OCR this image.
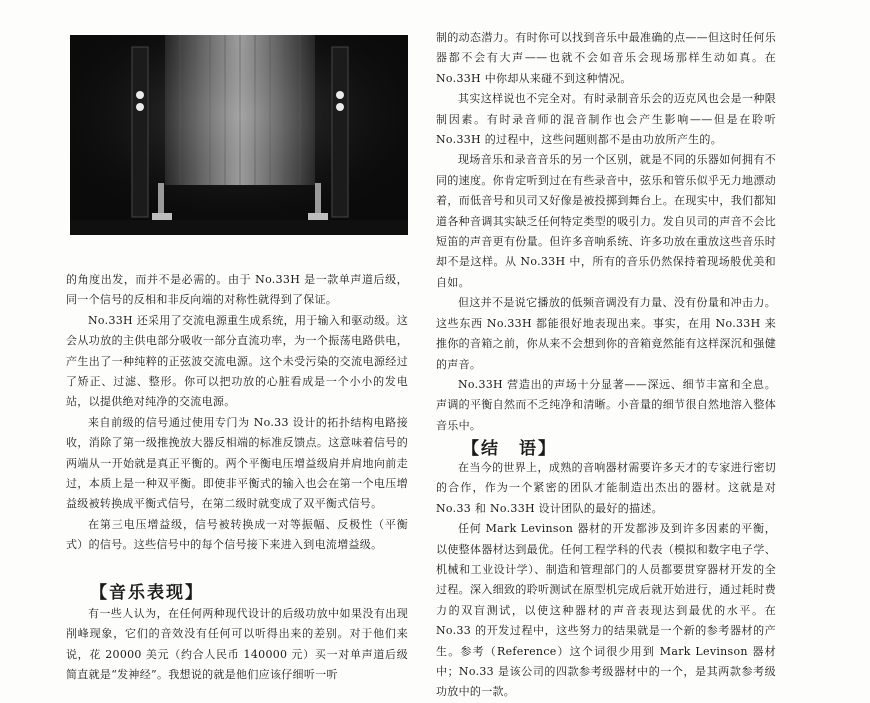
的角度出发，而并不是必需的。由于 No.33H 是一款单声道后级，同一个信号的反相和非反向端的对称性就得到了保证。

No.33H 还采用了交流电源重生成系统，用于输入和驱动级。这会从功放的主供电部分吸收一部分直流功率，为一个振荡电路供电，产生出了一种纯粹的正弦波交流电源。这个未受污染的交流电源经过了矫正、过滤、整形。你可以把功放的心脏看成是一个小小的发电站，以提供绝对纯净的交流电源。

来自前级的信号通过使用专门为 No.33 设计的拓扑结构电路接收，消除了第一级推挽放大器反相端的标准反馈点。这意味着信号的两端从一开始就是真正平衡的。两个平衡电压增益级肩并肩地向前走过，本质上是一种双平衡。即使非平衡式的输入也会在第一个电压增益级被转换成平衡式信号，在第二级时就变成了双平衡式信号。

在第三电压增益级，信号被转换成一对等振幅、反极性（平衡式）的信号。这些信号中的每个信号接下来进入到电流增益级。

【音乐表现】

有一些人认为，在任何两种现代设计的后级功放中如果没有出现削峰现象，它们的音效没有任何可以听得出来的差别。对于他们来说，花 20000 美元（约合人民币 140000 元）买一对单声道后级简直就是“发神经”。我想说的就是他们应该仔细听一听

制的动态潜力。有时你可以找到音乐中最准确的点——但这时任何乐器都不会有大声——也就不会如音乐会现场那样生动如真。在 No.33H 中你却从来碰不到这种情况。

其实这样说也不完全对。有时录制音乐会的迈克风也会是一种限制因素。有时录音师的混音制作也会产生影响——但是在聆听 No.33H 的过程中，这些问题则都不是由功放所产生的。

现场音乐和录音音乐的另一个区别，就是不同的乐器如何拥有不同的速度。你肯定听到过在有些录音中，弦乐和管乐似乎无力地漂动着，而低音号和贝司又好像是被投掷到舞台上。在现实中，我们都知道各种音调其实缺乏任何特定类型的吸引力。发自贝司的声音不会比短笛的声音更有份量。但许多音响系统、许多功放在重放这些音乐时却不是这样。从 No.33H 中，所有的音乐仍然保持着现场般优美和自如。

但这并不是说它播放的低频音调没有力量、没有份量和冲击力。这些东西 No.33H 都能很好地表现出来。事实，在用 No.33H 来推你的音箱之前，你从来不会想到你的音箱竟然能有这样深沉和强健的声音。

No.33H 营造出的声场十分显著——深远、细节丰富和全息。声调的平衡自然而不乏纯净和清晰。小音量的细节很自然地溶入整体音乐中。

【结　语】

在当今的世界上，成熟的音响器材需要许多天才的专家进行密切的合作，作为一个紧密的团队才能制造出杰出的器材。这就是对 No.33 和 No.33H 设计团队的最好的描述。

任何 Mark Levinson 器材的开发都涉及到许多因素的平衡，以使整体器材达到最优。任何工程学科的代表（模拟和数字电子学、机械和工业设计学）、制造和管理部门的人员都要贯穿器材开发的全过程。深入细致的聆听测试在原型机完成后就开始进行，通过耗时费力的双盲测试，以使这种器材的声音表现达到最优的水平。在 No.33 的开发过程中，这些努力的结果就是一个新的参考器材的产生。参考（Reference）这个词很少用到 Mark Levinson 器材中；No.33 是该公司的四款参考级器材中的一个，是其两款参考级功放中的一款。
